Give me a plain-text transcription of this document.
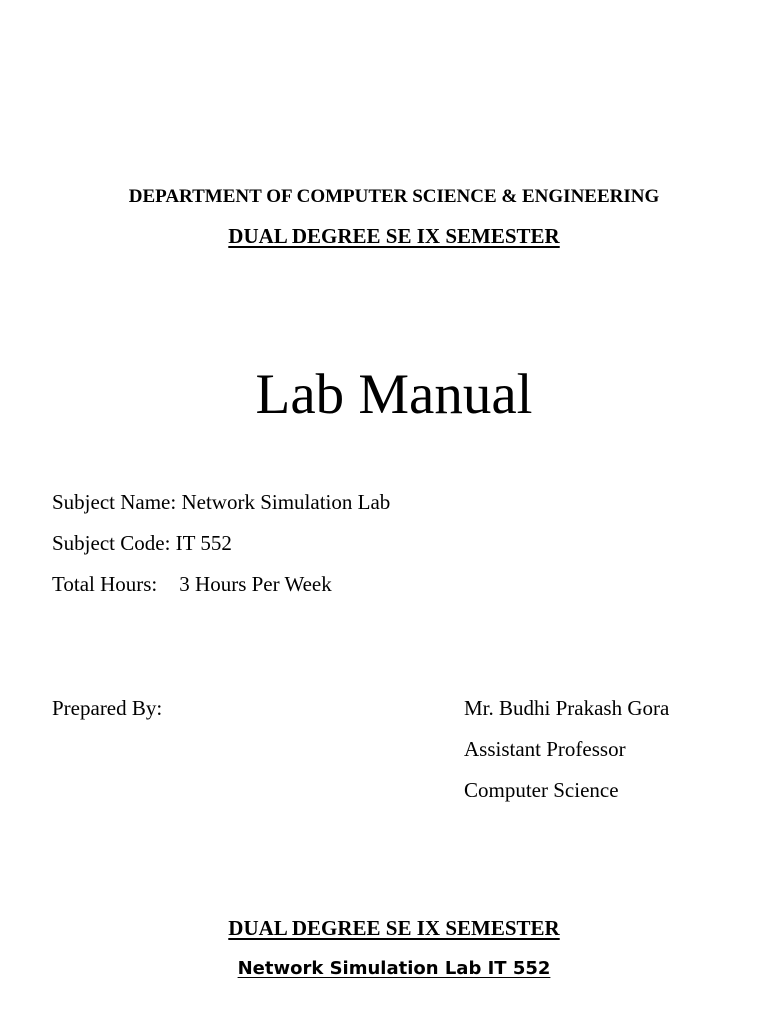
DEPARTMENT OF COMPUTER SCIENCE & ENGINEERING
DUAL DEGREE SE IX SEMESTER
Lab Manual
Subject Name: Network Simulation Lab
Subject Code: IT 552
Total Hours: 3 Hours Per Week
Prepared By:	Mr. Budhi Prakash Gora
Assistant Professor
Computer Science
DUAL DEGREE SE IX SEMESTER
Network Simulation Lab IT 552
